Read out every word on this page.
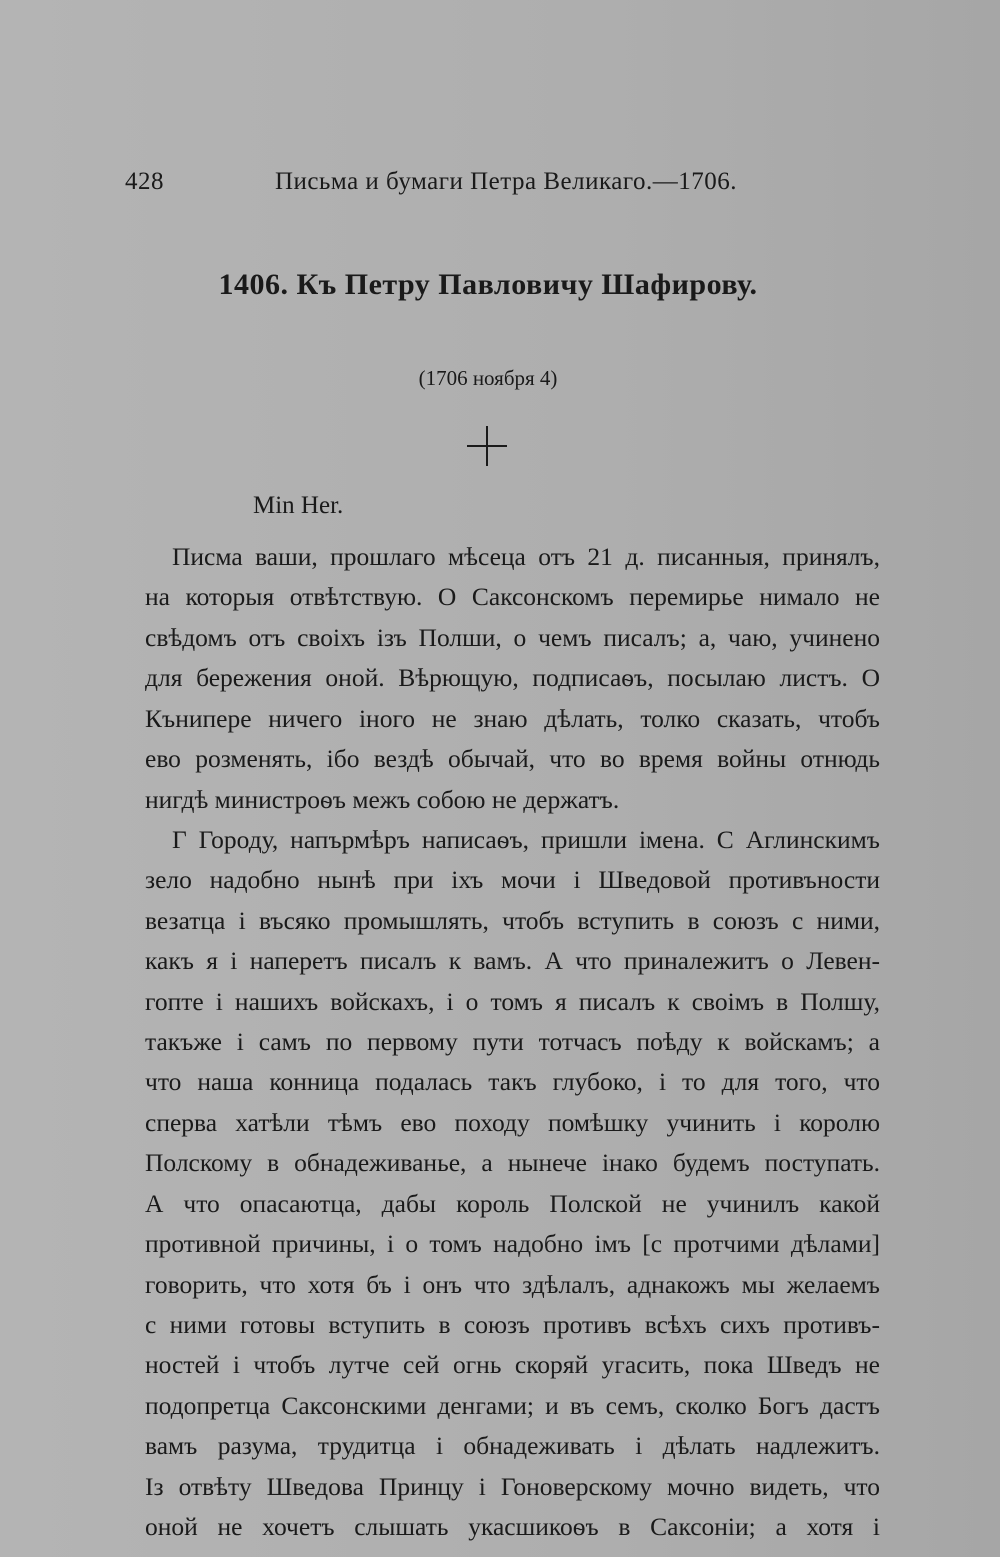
428	Письма и бумаги Петра Великаго.—1706.
1406. Къ Петру Павловичу Шафирову.
(1706 ноября 4)
Min Her.
Писма ваши, прошлаго мѣсеца отъ 21 д. писанныя, принялъ,
на которыя отвѣтствую. О Саксонскомъ перемирье нимало не
свѣдомъ отъ своіхъ ізъ Полши, о чемъ писалъ; а, чаю, учинено
для бережения оной. Вѣрющую, подписаѳъ, посылаю листъ. О
Кънипере ничего іного не знаю дѣлать, толко сказать, чтобъ
ево розменять, ібо вездѣ обычай, что во время войны отнюдь
нигдѣ министроѳъ межъ собою не держатъ.
Г Городу, напърмѣръ написаѳъ, пришли імена. С Аглинскимъ
зело надобно нынѣ при іхъ мочи і Шведовой противъности
везатца і въсяко промышлять, чтобъ вступить в союзъ с ними,
какъ я і наперетъ писалъ к вамъ. А что приналежитъ о Левен-
гопте і нашихъ войскахъ, і о томъ я писалъ к своімъ в Полшу,
такъже і самъ по первому пути тотчасъ поѣду к войскамъ; а
что наша конница подалась такъ глубоко, і то для того, что
сперва хатѣли тѣмъ ево походу помѣшку учинить і королю
Полскому в обнадеживанье, а нынече інако будемъ поступать.
А что опасаютца, дабы король Полской не учинилъ какой
противной причины, і о томъ надобно імъ [с протчими дѣлами]
говорить, что хотя бъ і онъ что здѣлалъ, аднакожъ мы желаемъ
с ними готовы вступить в союзъ противъ всѣхъ сихъ противъ-
ностей і чтобъ лутче сей огнь скоряй угасить, пока Шведъ не
подопретца Саксонскими денгами; и въ семъ, сколко Богъ дастъ
вамъ разума, трудитца і обнадеживать і дѣлать надлежитъ.
Із отвѣту Шведова Принцу і Гоноверскому мочно видеть, что
оной не хочетъ слышать укасшикоѳъ в Саксоніи; а хотя і
